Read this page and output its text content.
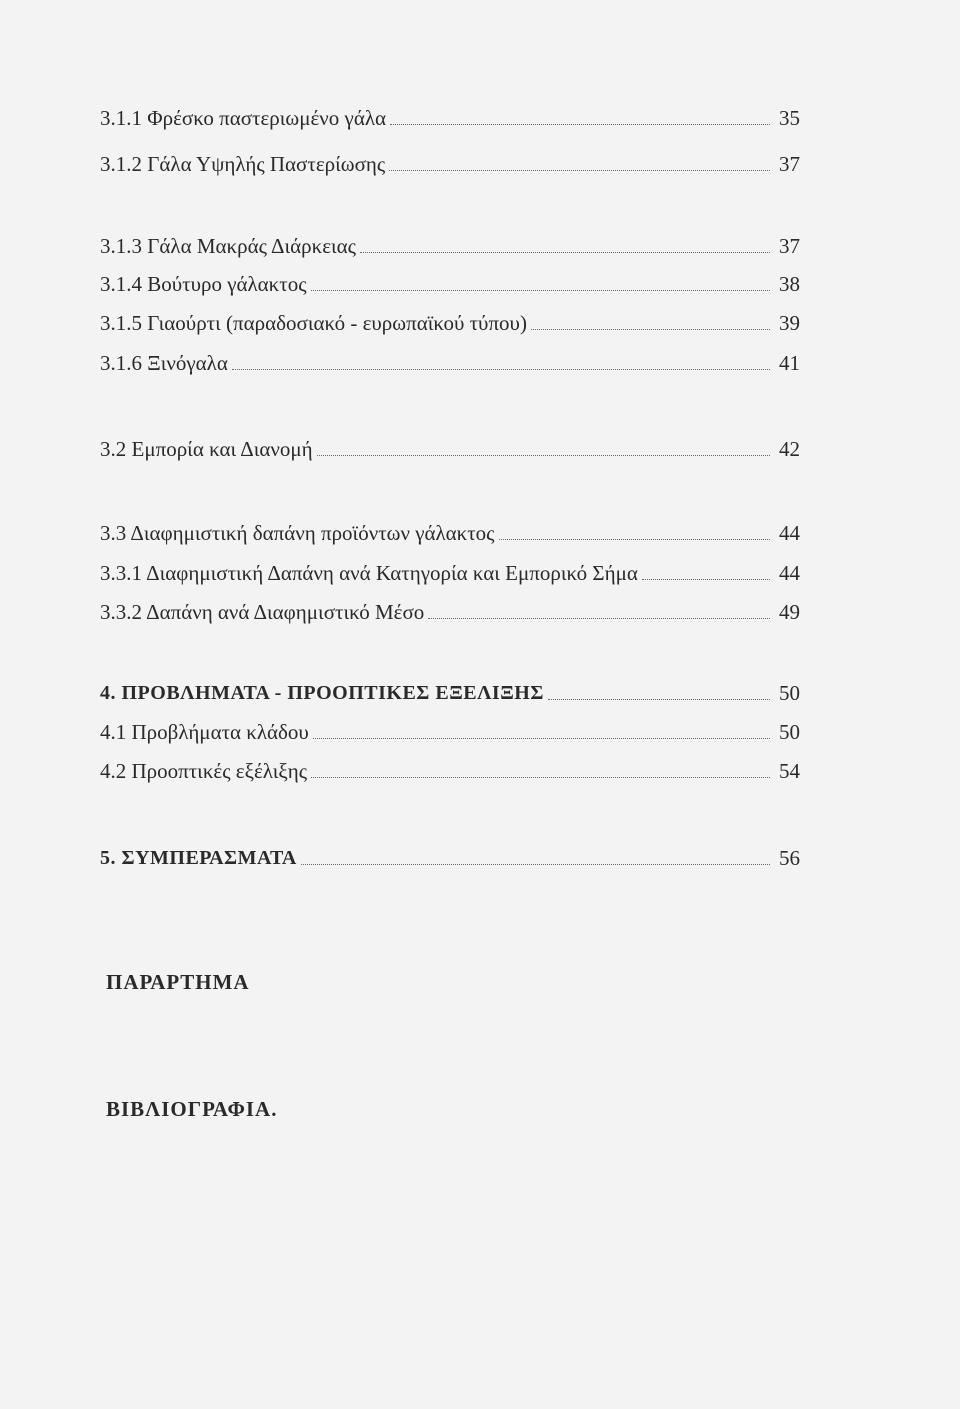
3.1.1 Φρέσκο παστεριωμένο γάλα	35
3.1.2 Γάλα Υψηλής Παστερίωσης	37
3.1.3 Γάλα Μακράς Διάρκειας	37
3.1.4 Βούτυρο γάλακτος	38
3.1.5 Γιαούρτι (παραδοσιακό - ευρωπαϊκού τύπου)	39
3.1.6 Ξινόγαλα	41
3.2 Εμπορία και Διανομή	42
3.3 Διαφημιστική δαπάνη προϊόντων γάλακτος	44
3.3.1 Διαφημιστική Δαπάνη ανά Κατηγορία και Εμπορικό Σήμα	44
3.3.2 Δαπάνη ανά Διαφημιστικό Μέσο	49
4. ΠΡΟΒΛΗΜΑΤΑ - ΠΡΟΟΠΤΙΚΕΣ ΕΞΕΛΙΞΗΣ	50
4.1 Προβλήματα κλάδου	50
4.2 Προοπτικές εξέλιξης	54
5. ΣΥΜΠΕΡΑΣΜΑΤΑ	56
ΠΑΡΑΡΤΗΜΑ
ΒΙΒΛΙΟΓΡΑΦΙΑ.
